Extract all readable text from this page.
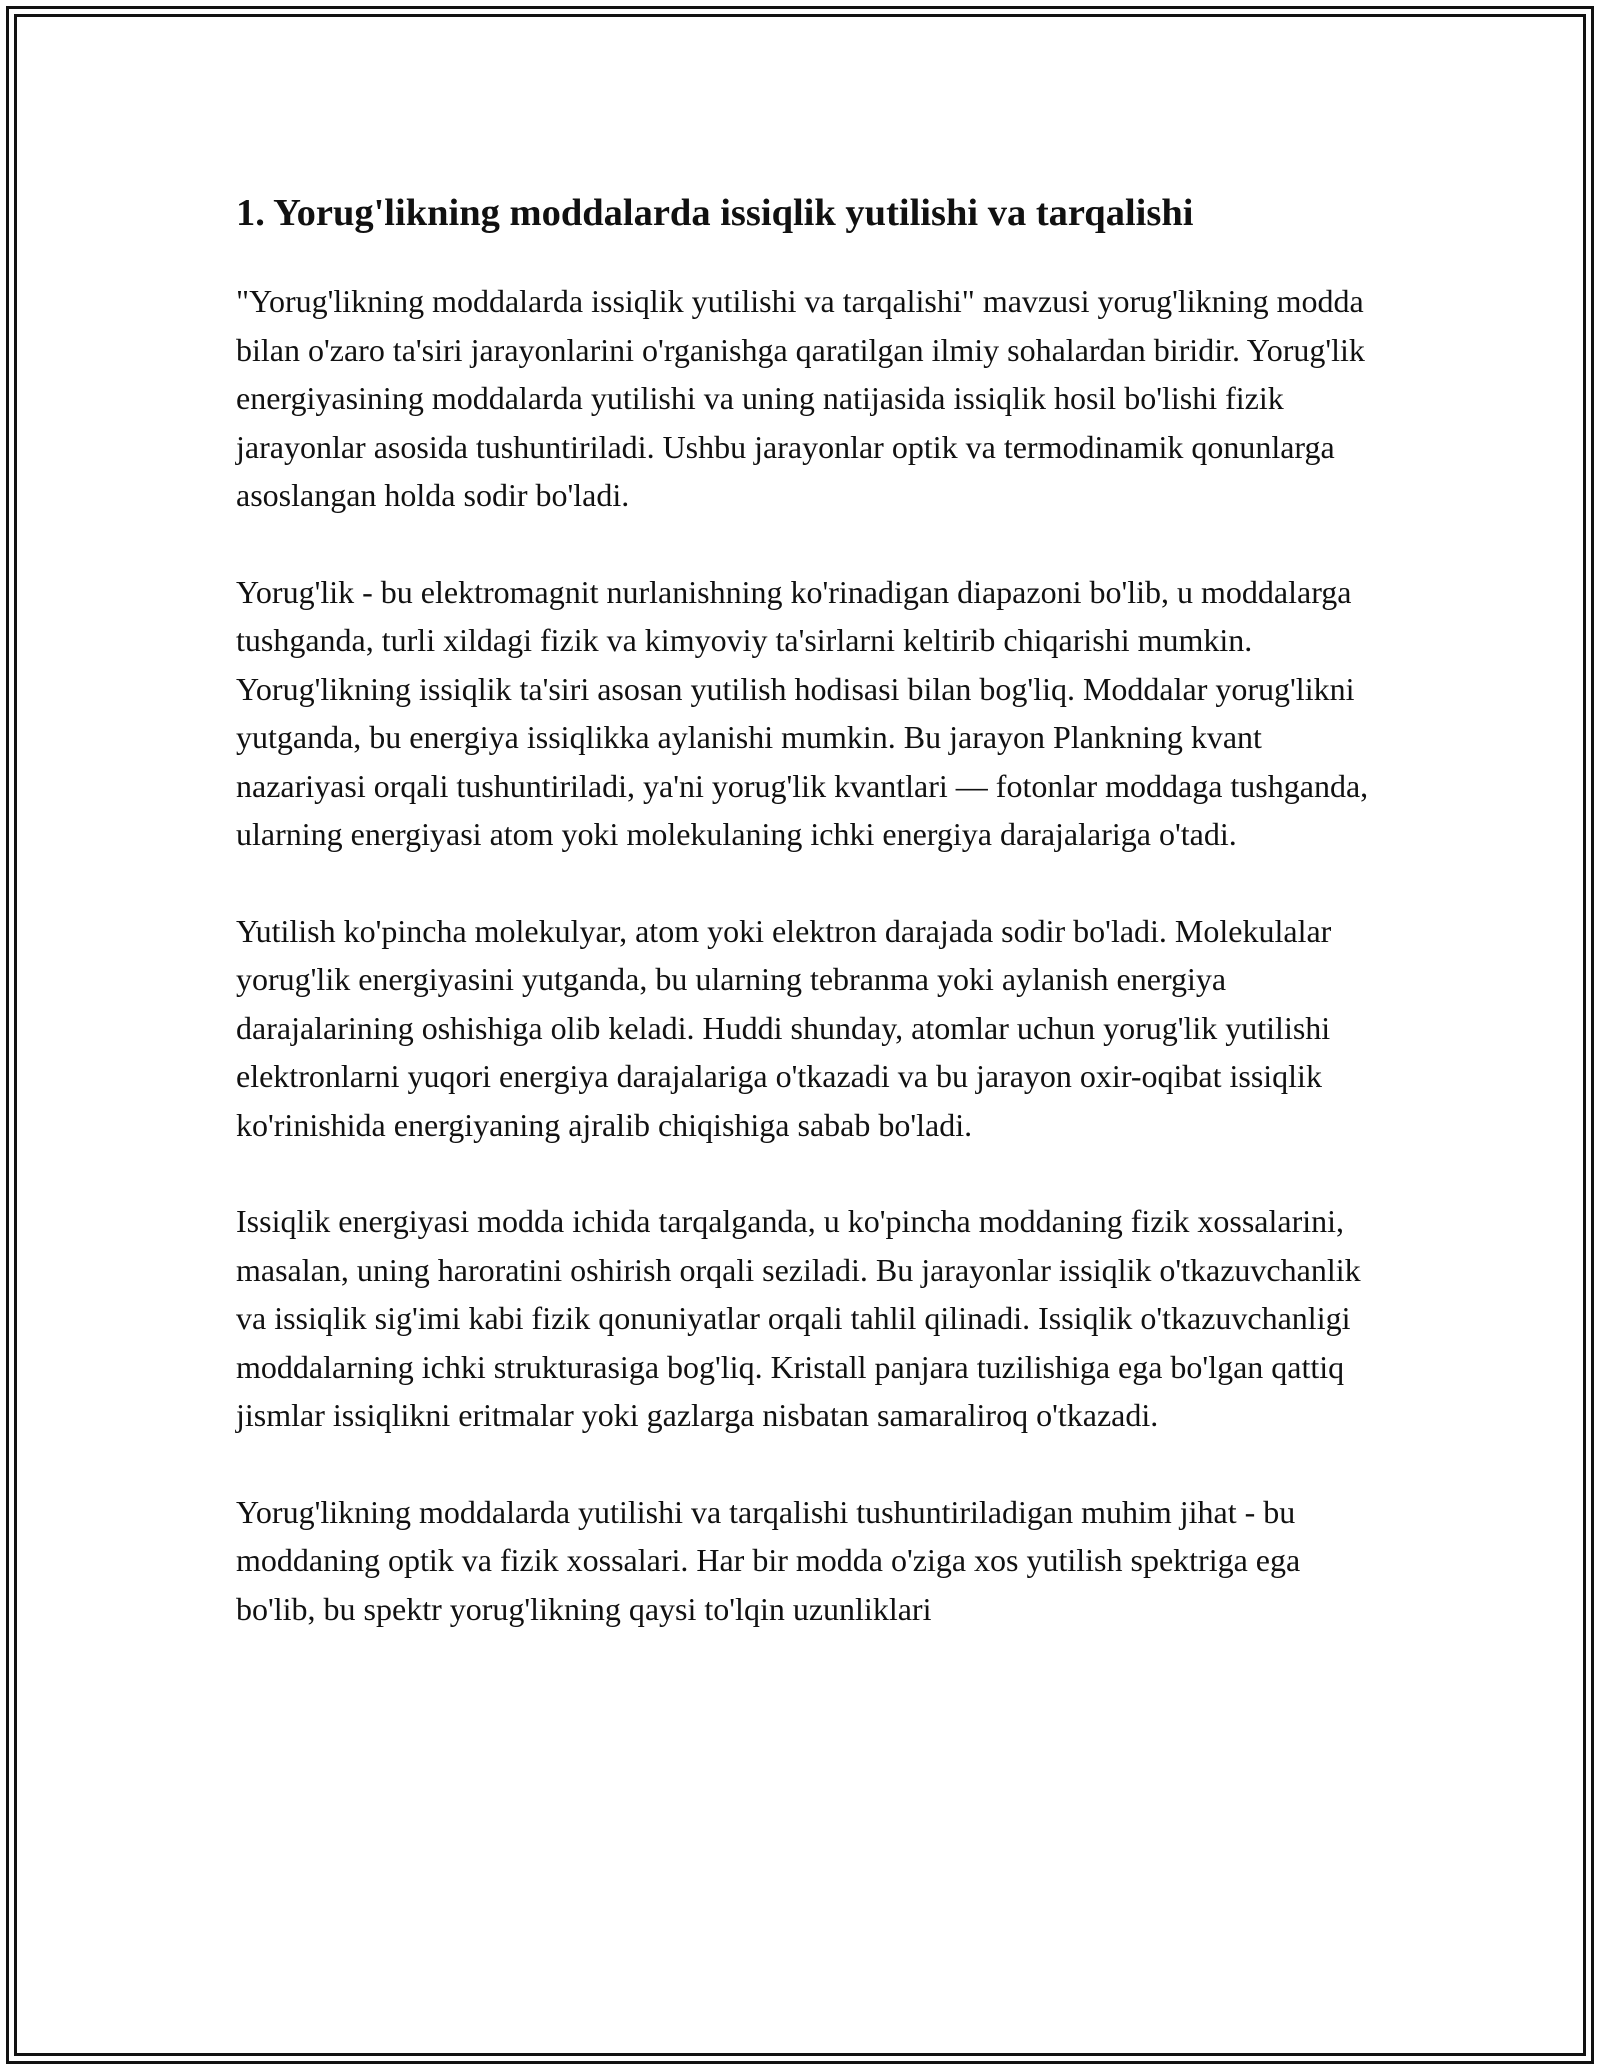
1. Yorug'likning moddalarda issiqlik yutilishi va tarqalishi

"Yorug'likning moddalarda issiqlik yutilishi va tarqalishi" mavzusi yorug'likning modda bilan o'zaro ta'siri jarayonlarini o'rganishga qaratilgan ilmiy sohalardan biridir. Yorug'lik energiyasining moddalarda yutilishi va uning natijasida issiqlik hosil bo'lishi fizik jarayonlar asosida tushuntiriladi. Ushbu jarayonlar optik va termodinamik qonunlarga asoslangan holda sodir bo'ladi.

Yorug'lik - bu elektromagnit nurlanishning ko'rinadigan diapazoni bo'lib, u moddalarga tushganda, turli xildagi fizik va kimyoviy ta'sirlarni keltirib chiqarishi mumkin. Yorug'likning issiqlik ta'siri asosan yutilish hodisasi bilan bog'liq. Moddalar yorug'likni yutganda, bu energiya issiqlikka aylanishi mumkin. Bu jarayon Plankning kvant nazariyasi orqali tushuntiriladi, ya'ni yorug'lik kvantlari — fotonlar moddaga tushganda, ularning energiyasi atom yoki molekulaning ichki energiya darajalariga o'tadi.

Yutilish ko'pincha molekulyar, atom yoki elektron darajada sodir bo'ladi. Molekulalar yorug'lik energiyasini yutganda, bu ularning tebranma yoki aylanish energiya darajalarining oshishiga olib keladi. Huddi shunday, atomlar uchun yorug'lik yutilishi elektronlarni yuqori energiya darajalariga o'tkazadi va bu jarayon oxir-oqibat issiqlik ko'rinishida energiyaning ajralib chiqishiga sabab bo'ladi.

Issiqlik energiyasi modda ichida tarqalganda, u ko'pincha moddaning fizik xossalarini, masalan, uning haroratini oshirish orqali seziladi. Bu jarayonlar issiqlik o'tkazuvchanlik va issiqlik sig'imi kabi fizik qonuniyatlar orqali tahlil qilinadi. Issiqlik o'tkazuvchanligi moddalarning ichki strukturasiga bog'liq. Kristall panjara tuzilishiga ega bo'lgan qattiq jismlar issiqlikni eritmalar yoki gazlarga nisbatan samaraliroq o'tkazadi.

Yorug'likning moddalarda yutilishi va tarqalishi tushuntiriladigan muhim jihat - bu moddaning optik va fizik xossalari. Har bir modda o'ziga xos yutilish spektriga ega bo'lib, bu spektr yorug'likning qaysi to'lqin uzunliklari
